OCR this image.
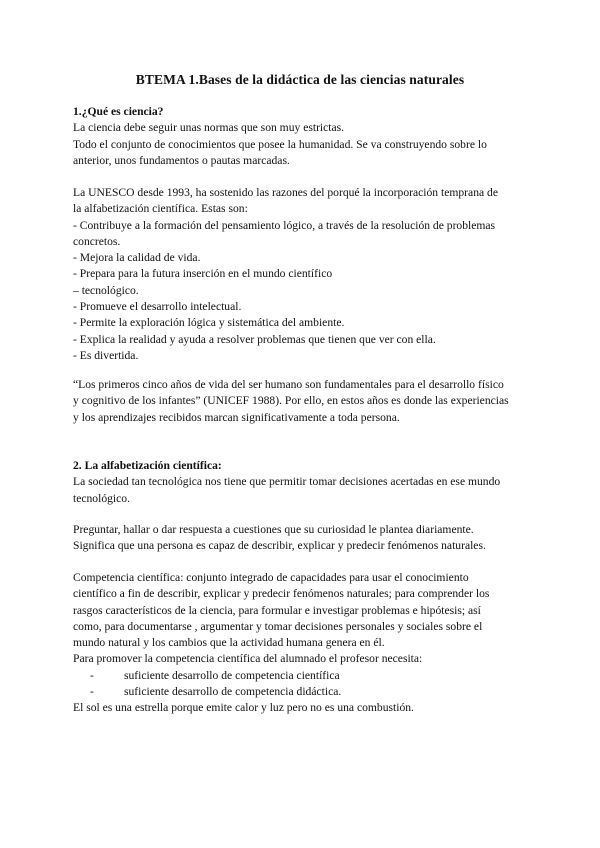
BTEMA 1.Bases de la didáctica de las ciencias naturales
1.¿Qué es ciencia?
La ciencia debe seguir unas normas que son muy estrictas.
Todo el conjunto de conocimientos que posee la humanidad. Se va construyendo sobre lo
anterior, unos fundamentos o pautas marcadas.
La UNESCO desde 1993, ha sostenido las razones del porqué la incorporación temprana de
la alfabetización científica. Estas son:
- Contribuye a la formación del pensamiento lógico, a través de la resolución de problemas
concretos.
- Mejora la calidad de vida.
- Prepara para la futura inserción en el mundo científico
– tecnológico.
- Promueve el desarrollo intelectual.
- Permite la exploración lógica y sistemática del ambiente.
- Explica la realidad y ayuda a resolver problemas que tienen que ver con ella.
- Es divertida.
“Los primeros cinco años de vida del ser humano son fundamentales para el desarrollo físico
y cognitivo de los infantes” (UNICEF 1988). Por ello, en estos años es donde las experiencias
y los aprendizajes recibidos marcan significativamente a toda persona.
2. La alfabetización científica:
La sociedad tan tecnológica nos tiene que permitir tomar decisiones acertadas en ese mundo
tecnológico.
Preguntar, hallar o dar respuesta a cuestiones que su curiosidad le plantea diariamente.
Significa que una persona es capaz de describir, explicar y predecir fenómenos naturales.
Competencia científica: conjunto integrado de capacidades para usar el conocimiento
científico a fin de describir, explicar y predecir fenómenos naturales; para comprender los
rasgos característicos de la ciencia, para formular e investigar problemas e hipótesis; así
como, para documentarse , argumentar y tomar decisiones personales y sociales sobre el
mundo natural y los cambios que la actividad humana genera en él.
Para promover la competencia científica del alumnado el profesor necesita:
-	suficiente desarrollo de competencia científica
-	suficiente desarrollo de competencia didáctica.
El sol es una estrella porque emite calor y luz pero no es una combustión.
